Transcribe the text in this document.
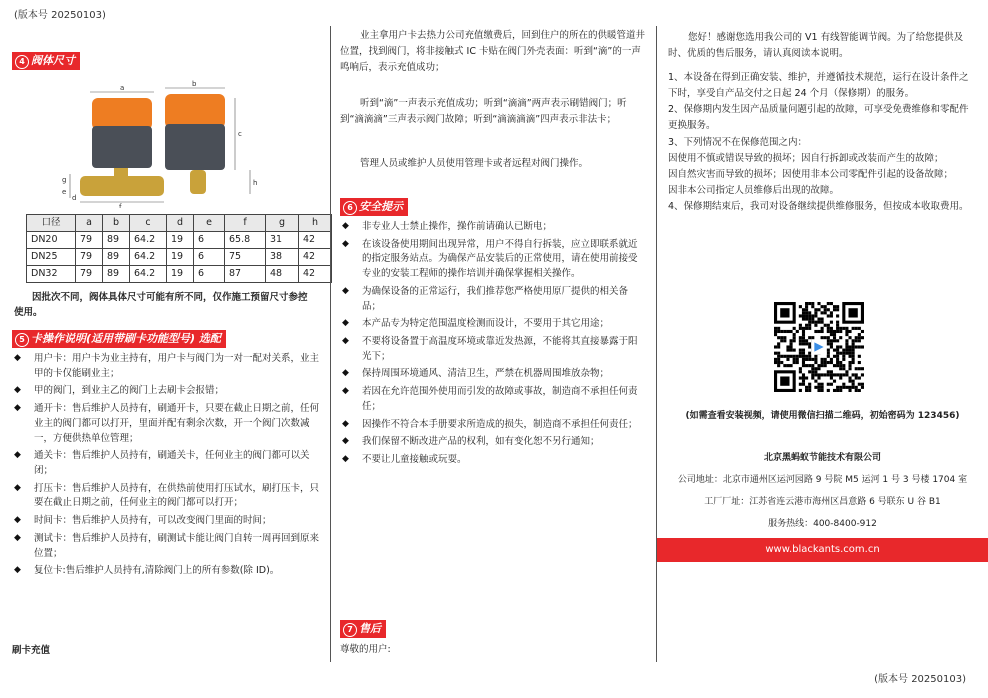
(版本号 20250103)
4 阀体尺寸
a
f
g
e
d
b
c
h
口径	a	b	c	d	e	f	g	h
DN20	79	89	64.2	19	6	65.8	31	42
DN25	79	89	64.2	19	6	75	38	42
DN32	79	89	64.2	19	6	87	48	42
因批次不同，阀体具体尺寸可能有所不同，仅作施工预留尺寸参控使用。
5 卡操作说明(适用带刷卡功能型号) 选配
◆ 用户卡：用户卡为业主持有，用户卡与阀门为一对一配对关系，业主甲的卡仅能刷业主；
◆ 甲的阀门，到业主乙的阀门上去刷卡会报错；
◆ 通开卡：售后维护人员持有，刷通开卡，只要在截止日期之前，任何业主的阀门都可以打开，里面并配有剩余次数，开一个阀门次数减一，方便供热单位管理；
◆ 通关卡：售后维护人员持有，刷通关卡，任何业主的阀门都可以关闭；
◆ 打压卡：售后维护人员持有，在供热前使用打压试水，刷打压卡，只要在截止日期之前，任何业主的阀门都可以打开；
◆ 时间卡：售后维护人员持有，可以改变阀门里面的时间；
◆ 测试卡：售后维护人员持有，刷测试卡能让阀门自转一周再回到原来位置；
◆ 复位卡:售后维护人员持有,清除阀门上的所有参数(除 ID)。
刷卡充值
业主拿用户卡去热力公司充值缴费后，回到住户的所在的供暖管道井位置，找到阀门，将非接触式 IC 卡贴在阀门外壳表面：听到“滴”的一声鸣响后，表示充值成功；
听到“滴”一声表示充值成功；听到“滴滴”两声表示刷错阀门；听到“滴滴滴”三声表示阀门故障；听到“滴滴滴滴”四声表示非法卡；
管理人员或维护人员使用管理卡或者远程对阀门操作。
6 安全提示
◆ 非专业人士禁止操作，操作前请确认已断电；
◆ 在该设备使用期间出现异常，用户不得自行拆装，应立即联系就近的指定服务站点。为确保产品安装后的正常使用，请在使用前接受专业的安装工程师的操作培训并确保掌握相关操作。
◆ 为确保设备的正常运行，我们推荐您严格使用原厂提供的相关备品；
◆ 本产品专为特定范围温度检测而设计，不要用于其它用途；
◆ 不要将设备置于高温度环境或靠近发热源，不能将其直接暴露于阳光下；
◆ 保持周围环境通风、清洁卫生，严禁在机器周围堆放杂物；
◆ 若因在允许范围外使用而引发的故障或事故，制造商不承担任何责任；
◆ 因操作不符合本手册要求所造成的损失，制造商不承担任何责任；
◆ 我们保留不断改进产品的权利，如有变化恕不另行通知；
◆ 不要让儿童接触或玩耍。
7 售后
尊敬的用户:
您好！感谢您选用我公司的 V1 有线智能调节阀。为了给您提供及时、优质的售后服务，请认真阅读本说明。
1、本设备在得到正确安装、维护，并遵循技术规范，运行在设计条件之下时，享受自产品交付之日起 24 个月（保修期）的服务。
2、保修期内发生因产品质量问题引起的故障，可享受免费维修和零配件更换服务。
3、下列情况不在保修范围之内：
因使用不慎或错误导致的损坏；因自行拆卸或改装而产生的故障；
因自然灾害而导致的损坏；因使用非本公司零配件引起的设备故障；
因非本公司指定人员维修后出现的故障。
4、保修期结束后，我司对设备继续提供维修服务，但按成本收取费用。
(如需查看安装视频，请使用微信扫描二维码，初始密码为 123456)
北京黑蚂蚁节能技术有限公司
公司地址：北京市通州区运河园路 9 号院 M5 运河 1 号 3 号楼 1704 室
工厂厂址：江苏省连云港市海州区昌意路 6 号联东 U 谷 B1
服务热线：400-8400-912
www.blackants.com.cn
(版本号 20250103)
